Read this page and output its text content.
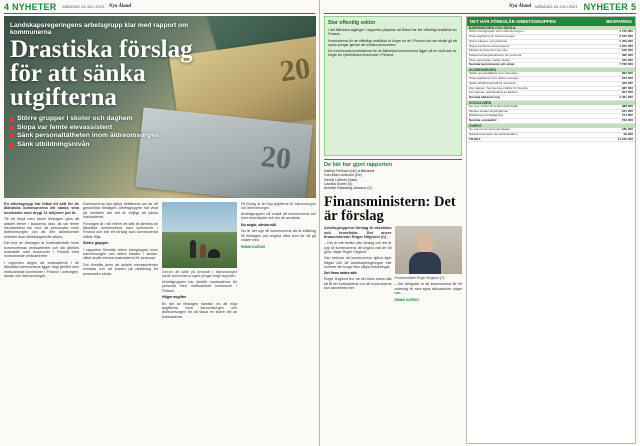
4 NYHETER MÅNDAG 26 JULI 2021 Nya Åland
20
20
Landskapsregeringens arbetsgrupp klar med rapport om kommunerna
Drastiska förslag för att sänka utgifterna
Större grupper i skolor och daghem
Slopa var femte elevassistent
Sänk personaltätheten inom äldreomsorgen
Sänk utbildningsnivån

En arbetsgrupp har hittat ett sätt för de åländska kommunerna att sänka sina kostnader med drygt 11 miljoner per år.

Till att börja med skulle förslagen göra att antalet elever i klasserna ökar, att var femte elevassistent tas bort, att personalen inom äldreomsorgen och att den äldreboende enheten ökar utbildningsnivån sänks.

Det ena av förslagen är kostnadsnivån inom kommunernas verksamheter och där jämförs kostnader med kommuner i Finland med motsvarande verksamheter.

I rapporten anges att kostnaderna i de åländska kommunerna ligger högt jämfört med motsvarande kommuner i Finland i omsorgen, skolan och barnomsorgen.

Kommunerna ska själva bestämma om de vill genomföra förslagen. Arbetsgruppen har visat på områden där det är möjligt att sänka kostnaderna.

Förslagen är i sin helhet ett sätt att jämföra de åländska kommunerna med kommuner i Finland och inte ett förslag som kommunerna måste följa.

Större grupper

I rapporten föreslås större barngrupper inom barnomsorgen och större klasser i skolan, vilket skulle minska kostnaderna för personal.

Det föreslås även att antalet elevassistenter minskas och att kraven på utbildning för personalen sänks.	Genom att sätta på personal i barnomsorgen kunde kommunerna spara pengar enligt rapporten.

Arbetsgruppen har jämfört kostnaderna för personal med motsvarande kommuner i Finland.

Högre avgifter

En del av förslagen handlar om att höja avgifterna inom barnomsorgen och äldreomsorgen för att täcka en större del av kostnaderna.

Ett förslag är att höja avgifterna för barnomsorgen och äldreomsorgen.

Arbetsgruppen vill också att kommunerna ser över sina lokaler och hur de används.

Nu avgör, sänka mål

Nu är det upp till kommunerna att ta ställning till förslagen och avgöra vilka som de vill gå vidare med.

EMMA KARSKI

Nya Åland MÅNDAG 26 JULI 2021 NYHETER 5
Stor offentlig sektor

I det åländska lagtinget i rapporten påpekas att Åland har fler offentligt anställda än Finland.

Kostnaderna för de offentligt anställda är högre än de i Finland och det skulle gå att spara pengar genom att minska personalen.

De kommunala kostnaderna för de åländska kommunerna ligger på en nivå som är högre än i jämförbara kommuner i Finland.

De här har gjort rapporten
Katrina Fellman (Lib) ordförande
Gun-Mari Lindholm (Ob)
Henrik Löthner (Sam)
Camilla Gunell (S)
Annette Holmberg-Jansson (C)
Finansministern: Det är förslag

Arbetsgruppens förslag är drastiska och teoretiska. Det anser finansminister Roger Höglund (C).

– Det är inte beslut utan förslag och det är upp till kommunerna att avgöra vad de vill göra, säger Roger Höglund.

Han betonar att kommunerna själva äger frågan och att landskapsregeringen inte kommer att tvinga fram några förändringar.

Det finns andra sätt

Roger Höglund tror att det finns andra sätt att få ner kostnaderna och att kommunerna kan samarbeta mer.

Finansminister Roger Höglund (C).

– Det viktigaste är att kommunerna får ett underlag för sina egna diskussioner, säger han.

EMMA KARSKI

DET HÄR FÖRESLÅR ARBETSGRUPPEN	BESPARING
BARNOMSORG OCH SKOLA
Större barngrupper inom barnomsorgen	1 725 000
Höja avgifterna för barnomsorgen	2 015 000
Större klasser i grundskolan	1 400 000
Slopa var femte elevassistent	1 250 000
Minska timresursen per elev	540 000
Sänka behörighetskraven för personal	490 000
Ökat samarbete mellan skolor	310 000
Summa barnomsorg och skola	7 730 000
ÄLDREOMSORG
Sänkt personaltäthet inom boenden	890 000
Höja avgifterna inom äldreomsorgen	612 000
Sänkt utbildningsnivå för personal	420 000
Fler platser i hemservice istället för boende	335 000
Gemensam upphandling av tjänster	204 000
Summa äldreomsorg	2 461 000
SOCIALVÅRD
Se över stödet till funktionshindrade	388 000
Minska antalet köpta tjänster	221 000
Effektivare handläggning	154 000
Summa socialvård	763 000
ÖVRIGT
Se över kommunernas lokaler	180 000
Sänkta kostnader för administration	96 000
TOTALT	11 230 000
